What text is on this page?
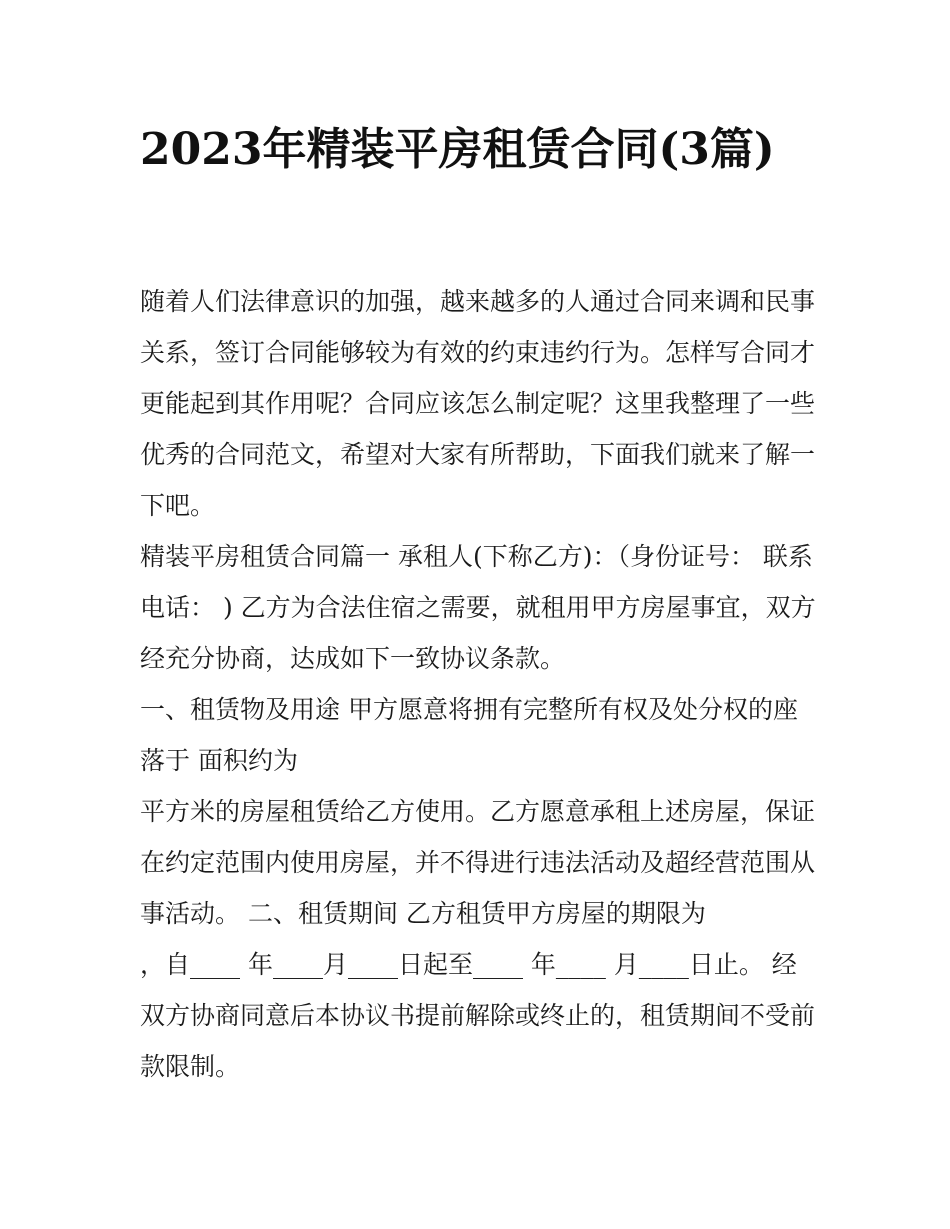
2023年精装平房租赁合同(3篇)

随着人们法律意识的加强，越来越多的人通过合同来调和民事关系，签订合同能够较为有效的约束违约行为。怎样写合同才更能起到其作用呢？合同应该怎么制定呢？这里我整理了一些优秀的合同范文，希望对大家有所帮助，下面我们就来了解一下吧。

精装平房租赁合同篇一 承租人(下称乙方)：（身份证号： 联系电话： ) 乙方为合法住宿之需要，就租用甲方房屋事宜，双方经充分协商，达成如下一致协议条款。

一、租赁物及用途 甲方愿意将拥有完整所有权及处分权的座落于 面积约为

平方米的房屋租赁给乙方使用。乙方愿意承租上述房屋，保证在约定范围内使用房屋，并不得进行违法活动及超经营范围从事活动。 二、租赁期间 乙方租赁甲方房屋的期限为

，自____ 年____月____日起至____ 年____ 月____日止。 经双方协商同意后本协议书提前解除或终止的，租赁期间不受前款限制。
